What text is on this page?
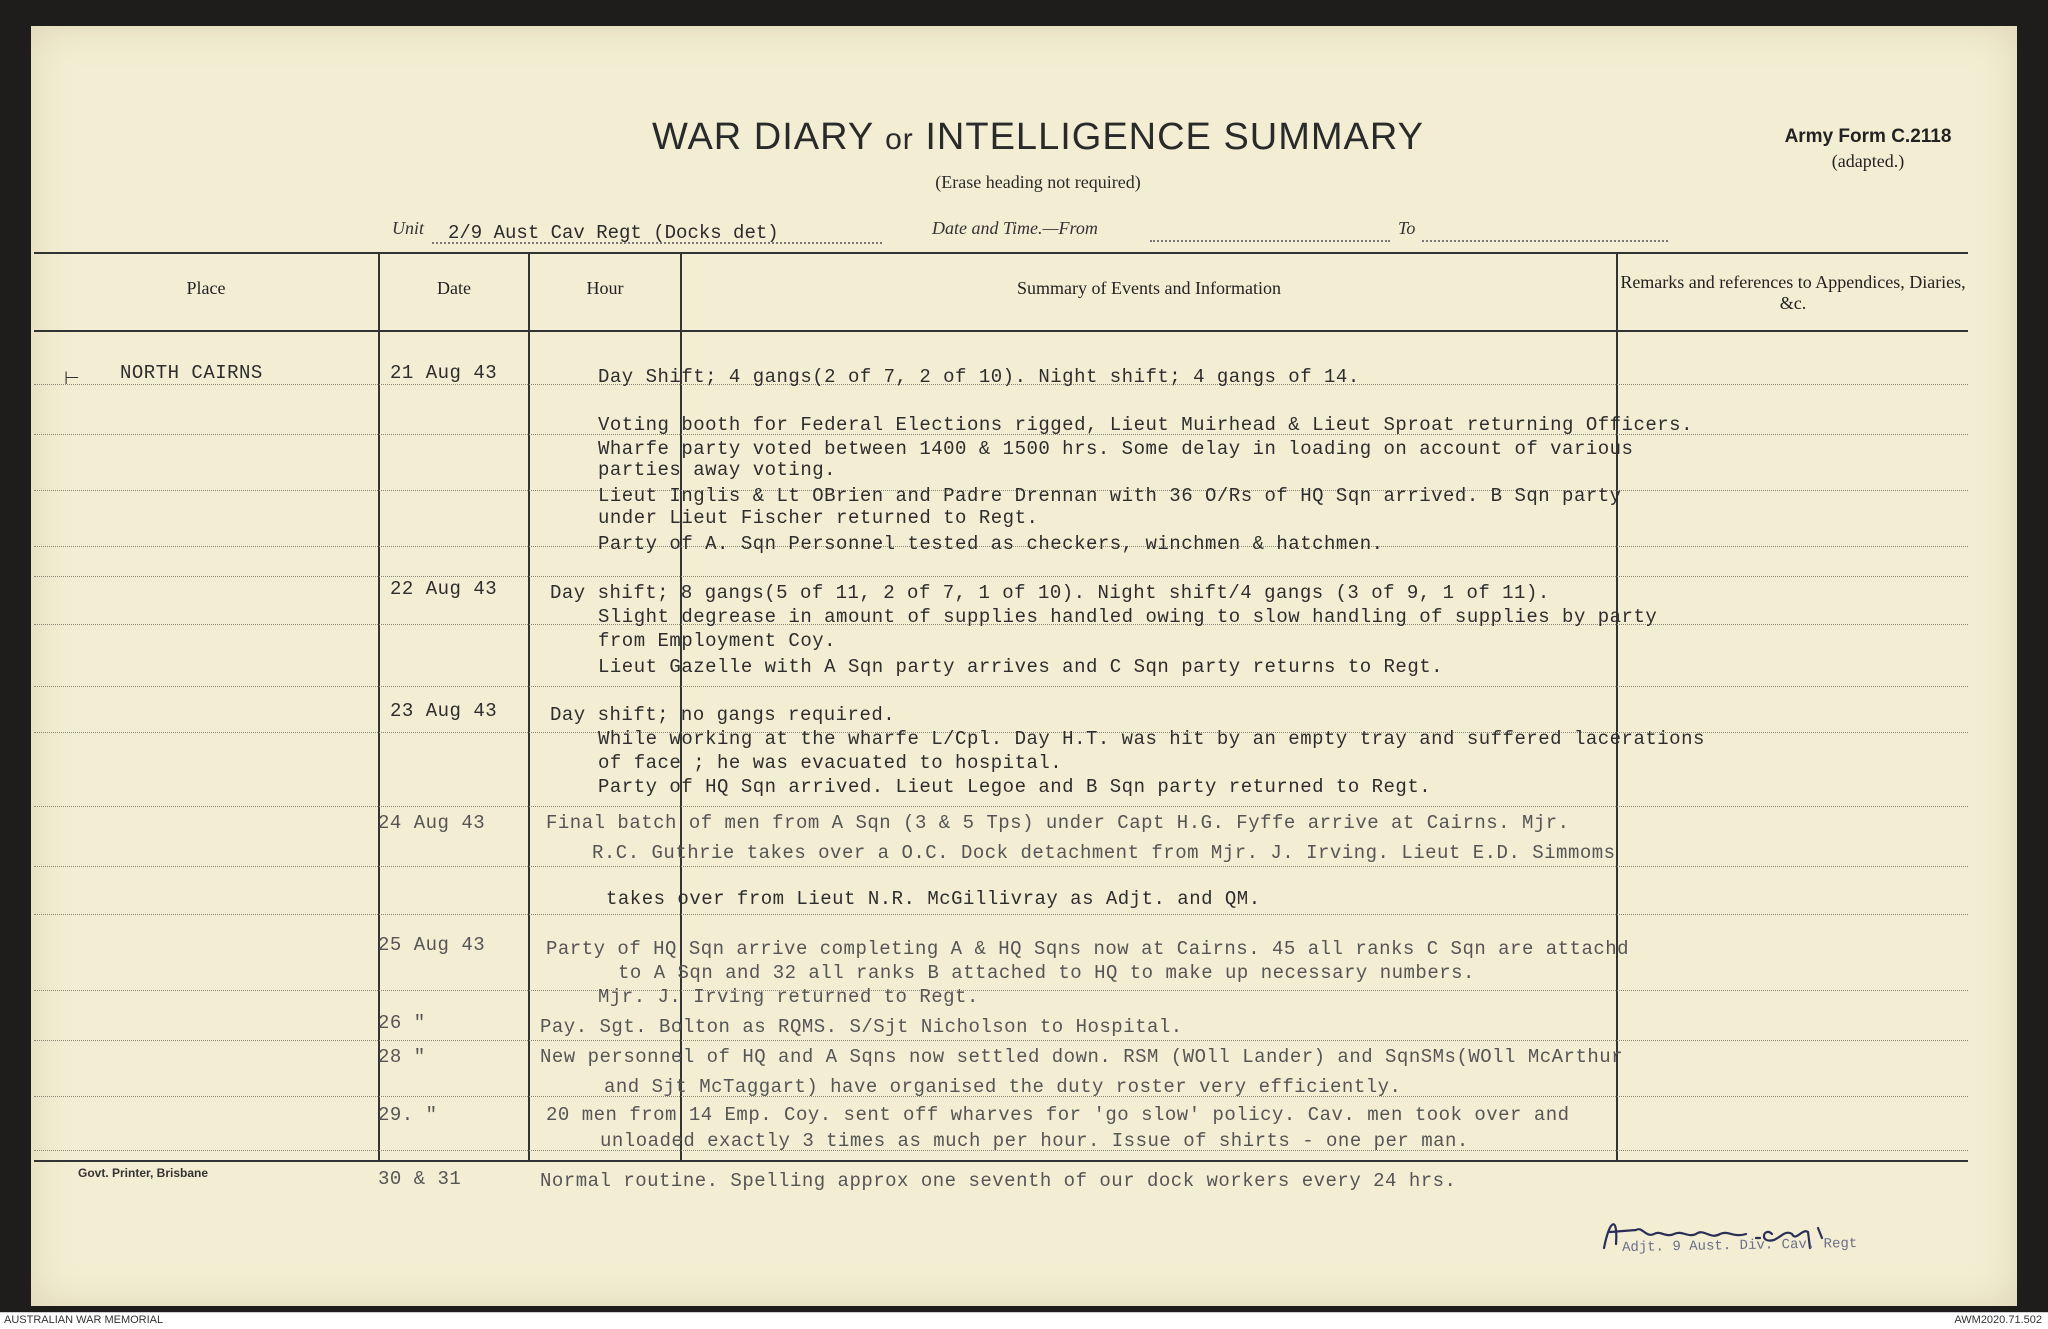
WAR DIARY or INTELLIGENCE SUMMARY
(Erase heading not required)
Army Form C.2118
(adapted.)
Unit 2/9 Aust Cav Regt (Docks det)	Date and Time.—From	To
Place	Date	Hour	Summary of Events and Information	Remarks and references to Appendices, Diaries, &c.
⊢ NORTH CAIRNS	21 Aug 43	Day Shift; 4 gangs(2 of 7, 2 of 10). Night shift; 4 gangs of 14.
Voting booth for Federal Elections rigged, Lieut Muirhead & Lieut Sproat returning Officers.
Wharfe party voted between 1400 & 1500 hrs. Some delay in loading on account of various
parties away voting.
Lieut Inglis & Lt OBrien and Padre Drennan with 36 O/Rs of HQ Sqn arrived. B Sqn party
under Lieut Fischer returned to Regt.
Party of A. Sqn Personnel tested as checkers, winchmen & hatchmen.
22 Aug 43	Day shift; 8 gangs(5 of 11, 2 of 7, 1 of 10). Night shift/4 gangs (3 of 9, 1 of 11).
Slight degrease in amount of supplies handled owing to slow handling of supplies by party
from Employment Coy.
Lieut Gazelle with A Sqn party arrives and C Sqn party returns to Regt.
23 Aug 43	Day shift; no gangs required.
While working at the wharfe L/Cpl. Day H.T. was hit by an empty tray and suffered lacerations
of face ; he was evacuated to hospital.
Party of HQ Sqn arrived. Lieut Legoe and B Sqn party returned to Regt.
24 Aug 43	Final batch of men from A Sqn (3 & 5 Tps) under Capt H.G. Fyffe arrive at Cairns. Mjr.
R.C. Guthrie takes over a O.C. Dock detachment from Mjr. J. Irving. Lieut E.D. Simmoms
takes over from Lieut N.R. McGillivray as Adjt. and QM.
25 Aug 43	Party of HQ Sqn arrive completing A & HQ Sqns now at Cairns. 45 all ranks C Sqn are attachd
to A Sqn and 32 all ranks B attached to HQ to make up necessary numbers.
Mjr. J. Irving returned to Regt.
26 "	Pay. Sgt. Bolton as RQMS. S/Sjt Nicholson to Hospital.
28 "	New personnel of HQ and A Sqns now settled down. RSM (WOll Lander) and SqnSMs(WOll McArthur
and Sjt McTaggart) have organised the duty roster very efficiently.
29. "	20 men from 14 Emp. Coy. sent off wharves for 'go slow' policy. Cav. men took over and
unloaded exactly 3 times as much per hour. Issue of shirts - one per man.
30 & 31	Normal routine. Spelling approx one seventh of our dock workers every 24 hrs.
Govt. Printer, Brisbane
Adjt. 9 Aust. Div. Cav. Regt
AUSTRALIAN WAR MEMORIAL	AWM2020.71.502
